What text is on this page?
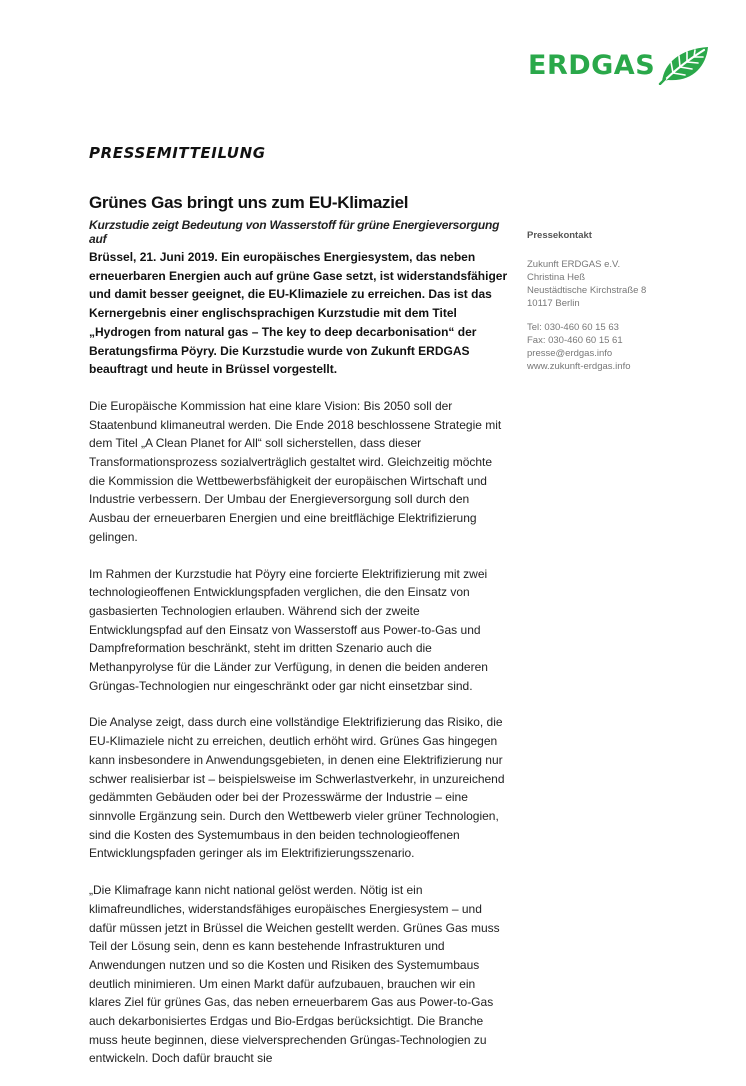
ERDGAS
PRESSEMITTEILUNG
Grünes Gas bringt uns zum EU-Klimaziel
Kurzstudie zeigt Bedeutung von Wasserstoff für grüne Energieversorgung auf

Brüssel, 21. Juni 2019. Ein europäisches Energiesystem, das neben erneuerbaren Energien auch auf grüne Gase setzt, ist widerstandsfähiger und damit besser geeignet, die EU-Klimaziele zu erreichen. Das ist das Kernergebnis einer englischsprachigen Kurzstudie mit dem Titel „Hydrogen from natural gas – The key to deep decarbonisation“ der Beratungsfirma Pöyry. Die Kurzstudie wurde von Zukunft ERDGAS beauftragt und heute in Brüssel vorgestellt.

Die Europäische Kommission hat eine klare Vision: Bis 2050 soll der Staatenbund klimaneutral werden. Die Ende 2018 beschlossene Strategie mit dem Titel „A Clean Planet for All“ soll sicherstellen, dass dieser Transformationsprozess sozialverträglich gestaltet wird. Gleichzeitig möchte die Kommission die Wettbewerbsfähigkeit der europäischen Wirtschaft und Industrie verbessern. Der Umbau der Energieversorgung soll durch den Ausbau der erneuerbaren Energien und eine breitflächige Elektrifizierung gelingen.

Im Rahmen der Kurzstudie hat Pöyry eine forcierte Elektrifizierung mit zwei technologieoffenen Entwicklungspfaden verglichen, die den Einsatz von gasbasierten Technologien erlauben. Während sich der zweite Entwicklungspfad auf den Einsatz von Wasserstoff aus Power-to-Gas und Dampfreformation beschränkt, steht im dritten Szenario auch die Methanpyrolyse für die Länder zur Verfügung, in denen die beiden anderen Grüngas-Technologien nur eingeschränkt oder gar nicht einsetzbar sind.

Die Analyse zeigt, dass durch eine vollständige Elektrifizierung das Risiko, die EU-Klimaziele nicht zu erreichen, deutlich erhöht wird. Grünes Gas hingegen kann insbesondere in Anwendungsgebieten, in denen eine Elektrifizierung nur schwer realisierbar ist – beispielsweise im Schwerlastverkehr, in unzureichend gedämmten Gebäuden oder bei der Prozesswärme der Industrie – eine sinnvolle Ergänzung sein. Durch den Wettbewerb vieler grüner Technologien, sind die Kosten des Systemumbaus in den beiden technologieoffenen Entwicklungspfaden geringer als im Elektrifizierungsszenario.

„Die Klimafrage kann nicht national gelöst werden. Nötig ist ein klimafreundliches, widerstandsfähiges europäisches Energiesystem – und dafür müssen jetzt in Brüssel die Weichen gestellt werden. Grünes Gas muss Teil der Lösung sein, denn es kann bestehende Infrastrukturen und Anwendungen nutzen und so die Kosten und Risiken des Systemumbaus deutlich minimieren. Um einen Markt dafür aufzubauen, brauchen wir ein klares Ziel für grünes Gas, das neben erneuerbarem Gas aus Power-to-Gas auch dekarbonisiertes Erdgas und Bio-Erdgas berücksichtigt. Die Branche muss heute beginnen, diese vielversprechenden Grüngas-Technologien zu entwickeln. Doch dafür braucht sie

Pressekontakt
Zukunft ERDGAS e.V.
Christina Heß
Neustädtische Kirchstraße 8
10117 Berlin
Tel: 030-460 60 15 63
Fax: 030-460 60 15 61
presse@erdgas.info
www.zukunft-erdgas.info
